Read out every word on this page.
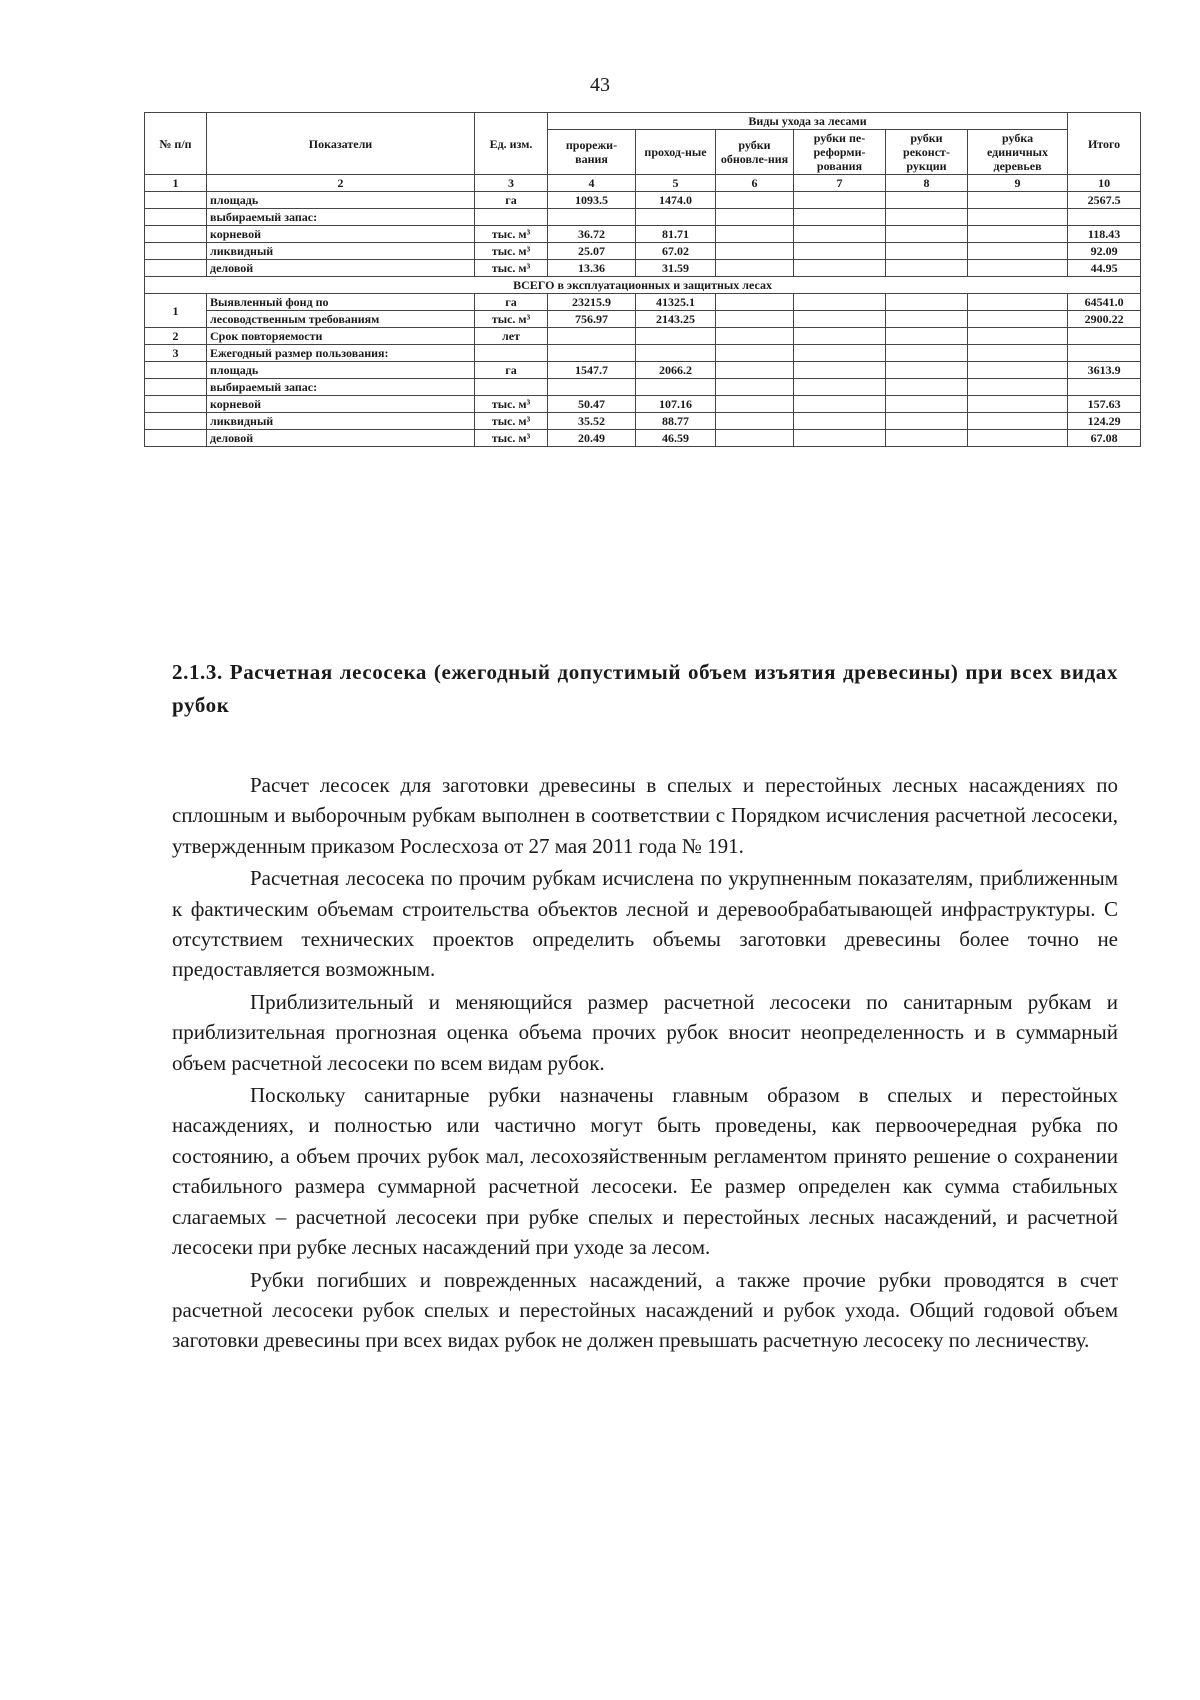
43
№ п/п	Показатели	Ед. изм.	Виды ухода за лесами						Итого
			прорежи-вания	проход-ные	рубки обновле-ния	рубки пе-реформи-рования	рубки реконст-рукции	рубка единичных деревьев	
1	2	3	4	5	6	7	8	9	10
	площадь	га	1093.5	1474.0					2567.5
	выбираемый запас:								
	корневой	тыс. м³	36.72	81.71					118.43
	ликвидный	тыс. м³	25.07	67.02					92.09
	деловой	тыс. м³	13.36	31.59					44.95
ВСЕГО в эксплуатационных и защитных лесах									
1	Выявленный фонд по	га	23215.9	41325.1					64541.0
	лесоводственным требованиям	тыс. м³	756.97	2143.25					2900.22
2	Срок повторяемости	лет							
3	Ежегодный размер пользования:								
	площадь	га	1547.7	2066.2					3613.9
	выбираемый запас:								
	корневой	тыс. м³	50.47	107.16					157.63
	ликвидный	тыс. м³	35.52	88.77					124.29
	деловой	тыс. м³	20.49	46.59					67.08
2.1.3. Расчетная лесосека (ежегодный допустимый объем изъятия древесины) при всех видах рубок

Расчет лесосек для заготовки древесины в спелых и перестойных лесных насаждениях по сплошным и выборочным рубкам выполнен в соответствии с Порядком исчисления расчетной лесосеки, утвержденным приказом Рослесхоза от 27 мая 2011 года № 191.

Расчетная лесосека по прочим рубкам исчислена по укрупненным показателям, приближенным к фактическим объемам строительства объектов лесной и деревообрабатывающей инфраструктуры. С отсутствием технических проектов определить объемы заготовки древесины более точно не предоставляется возможным.

Приблизительный и меняющийся размер расчетной лесосеки по санитарным рубкам и приблизительная прогнозная оценка объема прочих рубок вносит неопределенность и в суммарный объем расчетной лесосеки по всем видам рубок.

Поскольку санитарные рубки назначены главным образом в спелых и перестойных насаждениях, и полностью или частично могут быть проведены, как первоочередная рубка по состоянию, а объем прочих рубок мал, лесохозяйственным регламентом принято решение о сохранении стабильного размера суммарной расчетной лесосеки. Ее размер определен как сумма стабильных слагаемых – расчетной лесосеки при рубке спелых и перестойных лесных насаждений, и расчетной лесосеки при рубке лесных насаждений при уходе за лесом.

Рубки погибших и поврежденных насаждений, а также прочие рубки проводятся в счет расчетной лесосеки рубок спелых и перестойных насаждений и рубок ухода. Общий годовой объем заготовки древесины при всех видах рубок не должен превышать расчетную лесосеку по лесничеству.
